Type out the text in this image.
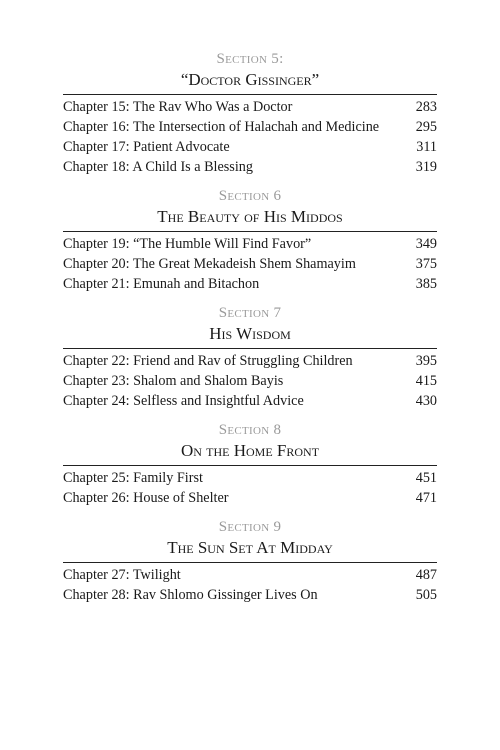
Section 5:
“Doctor Gissinger”
Chapter 15: The Rav Who Was a Doctor	283
Chapter 16: The Intersection of Halachah and Medicine	295
Chapter 17: Patient Advocate	311
Chapter 18: A Child Is a Blessing	319
Section 6
The Beauty of His Middos
Chapter 19: “The Humble Will Find Favor”	349
Chapter 20: The Great Mekadeish Shem Shamayim	375
Chapter 21: Emunah and Bitachon	385
Section 7
His Wisdom
Chapter 22: Friend and Rav of Struggling Children	395
Chapter 23: Shalom and Shalom Bayis	415
Chapter 24: Selfless and Insightful Advice	430
Section 8
On the Home Front
Chapter 25: Family First	451
Chapter 26: House of Shelter	471
Section 9
The Sun Set At Midday
Chapter 27: Twilight	487
Chapter 28: Rav Shlomo Gissinger Lives On	505
